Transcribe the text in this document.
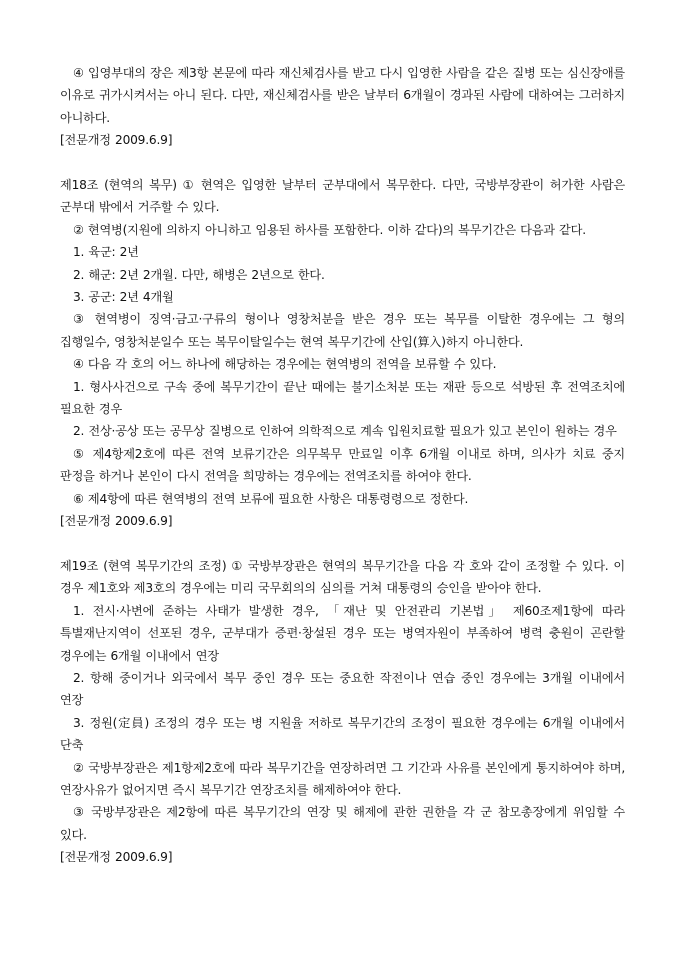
④ 입영부대의 장은 제3항 본문에 따라 재신체검사를 받고 다시 입영한 사람을 같은 질병 또는 심신장애를 이유로 귀가시켜서는 아니 된다. 다만, 재신체검사를 받은 날부터 6개월이 경과된 사람에 대하여는 그러하지 아니하다.

[전문개정 2009.6.9]

제18조 (현역의 복무) ① 현역은 입영한 날부터 군부대에서 복무한다. 다만, 국방부장관이 허가한 사람은 군부대 밖에서 거주할 수 있다.

② 현역병(지원에 의하지 아니하고 임용된 하사를 포함한다. 이하 같다)의 복무기간은 다음과 같다.

1. 육군: 2년

2. 해군: 2년 2개월. 다만, 해병은 2년으로 한다.

3. 공군: 2년 4개월

③ 현역병이 징역·금고·구류의 형이나 영창처분을 받은 경우 또는 복무를 이탈한 경우에는 그 형의 집행일수, 영창처분일수 또는 복무이탈일수는 현역 복무기간에 산입(算入)하지 아니한다.

④ 다음 각 호의 어느 하나에 해당하는 경우에는 현역병의 전역을 보류할 수 있다.

1. 형사사건으로 구속 중에 복무기간이 끝난 때에는 불기소처분 또는 재판 등으로 석방된 후 전역조치에 필요한 경우

2. 전상·공상 또는 공무상 질병으로 인하여 의학적으로 계속 입원치료할 필요가 있고 본인이 원하는 경우

⑤ 제4항제2호에 따른 전역 보류기간은 의무복무 만료일 이후 6개월 이내로 하며, 의사가 치료 중지 판정을 하거나 본인이 다시 전역을 희망하는 경우에는 전역조치를 하여야 한다.

⑥ 제4항에 따른 현역병의 전역 보류에 필요한 사항은 대통령령으로 정한다.

[전문개정 2009.6.9]

제19조 (현역 복무기간의 조정) ① 국방부장관은 현역의 복무기간을 다음 각 호와 같이 조정할 수 있다. 이 경우 제1호와 제3호의 경우에는 미리 국무회의의 심의를 거쳐 대통령의 승인을 받아야 한다.

1. 전시·사변에 준하는 사태가 발생한 경우, 「재난 및 안전관리 기본법」 제60조제1항에 따라 특별재난지역이 선포된 경우, 군부대가 증편·창설된 경우 또는 병역자원이 부족하여 병력 충원이 곤란할 경우에는 6개월 이내에서 연장

2. 항해 중이거나 외국에서 복무 중인 경우 또는 중요한 작전이나 연습 중인 경우에는 3개월 이내에서 연장

3. 정원(定員) 조정의 경우 또는 병 지원율 저하로 복무기간의 조정이 필요한 경우에는 6개월 이내에서 단축

② 국방부장관은 제1항제2호에 따라 복무기간을 연장하려면 그 기간과 사유를 본인에게 통지하여야 하며, 연장사유가 없어지면 즉시 복무기간 연장조치를 해제하여야 한다.

③ 국방부장관은 제2항에 따른 복무기간의 연장 및 해제에 관한 권한을 각 군 참모총장에게 위임할 수 있다.

[전문개정 2009.6.9]
